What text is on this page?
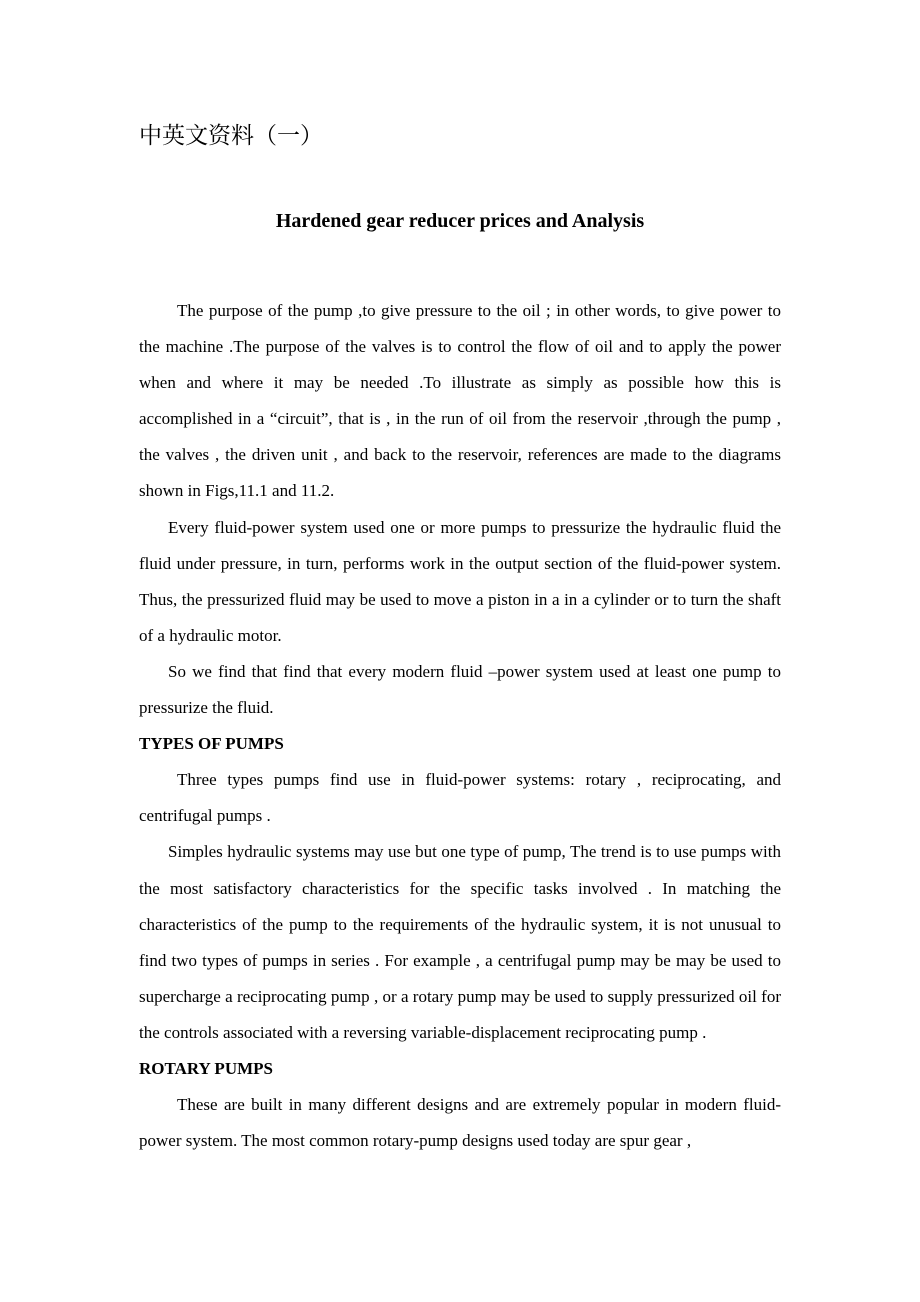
中英文资料（一）
Hardened gear reducer prices and Analysis

The purpose of the pump ,to give pressure to the oil ; in other words, to give power to the machine .The purpose of the valves is to control the flow of oil and to apply the power when and where it may be needed .To illustrate as simply as possible how this is accomplished in a “circuit”, that is , in the run of oil from the reservoir ,through the pump , the valves , the driven unit , and back to the reservoir, references are made to the diagrams shown in Figs,11.1 and 11.2.

Every fluid-power system used one or more pumps to pressurize the hydraulic fluid the fluid under pressure, in turn, performs work in the output section of the fluid-power system. Thus, the pressurized fluid may be used to move a piston in a in a cylinder or to turn the shaft of a hydraulic motor.

So we find that find that every modern fluid –power system used at least one pump to pressurize the fluid.

TYPES OF PUMPS

Three types pumps find use in fluid-power systems: rotary , reciprocating, and centrifugal pumps .

Simples hydraulic systems may use but one type of pump, The trend is to use pumps with the most satisfactory characteristics for the specific tasks involved . In matching the characteristics of the pump to the requirements of the hydraulic system, it is not unusual to find two types of pumps in series . For example , a centrifugal pump may be may be used to supercharge a reciprocating pump , or a rotary pump may be used to supply pressurized oil for the controls associated with a reversing variable-displacement reciprocating pump .

ROTARY PUMPS

These are built in many different designs and are extremely popular in modern fluid-power system. The most common rotary-pump designs used today are spur gear ,
